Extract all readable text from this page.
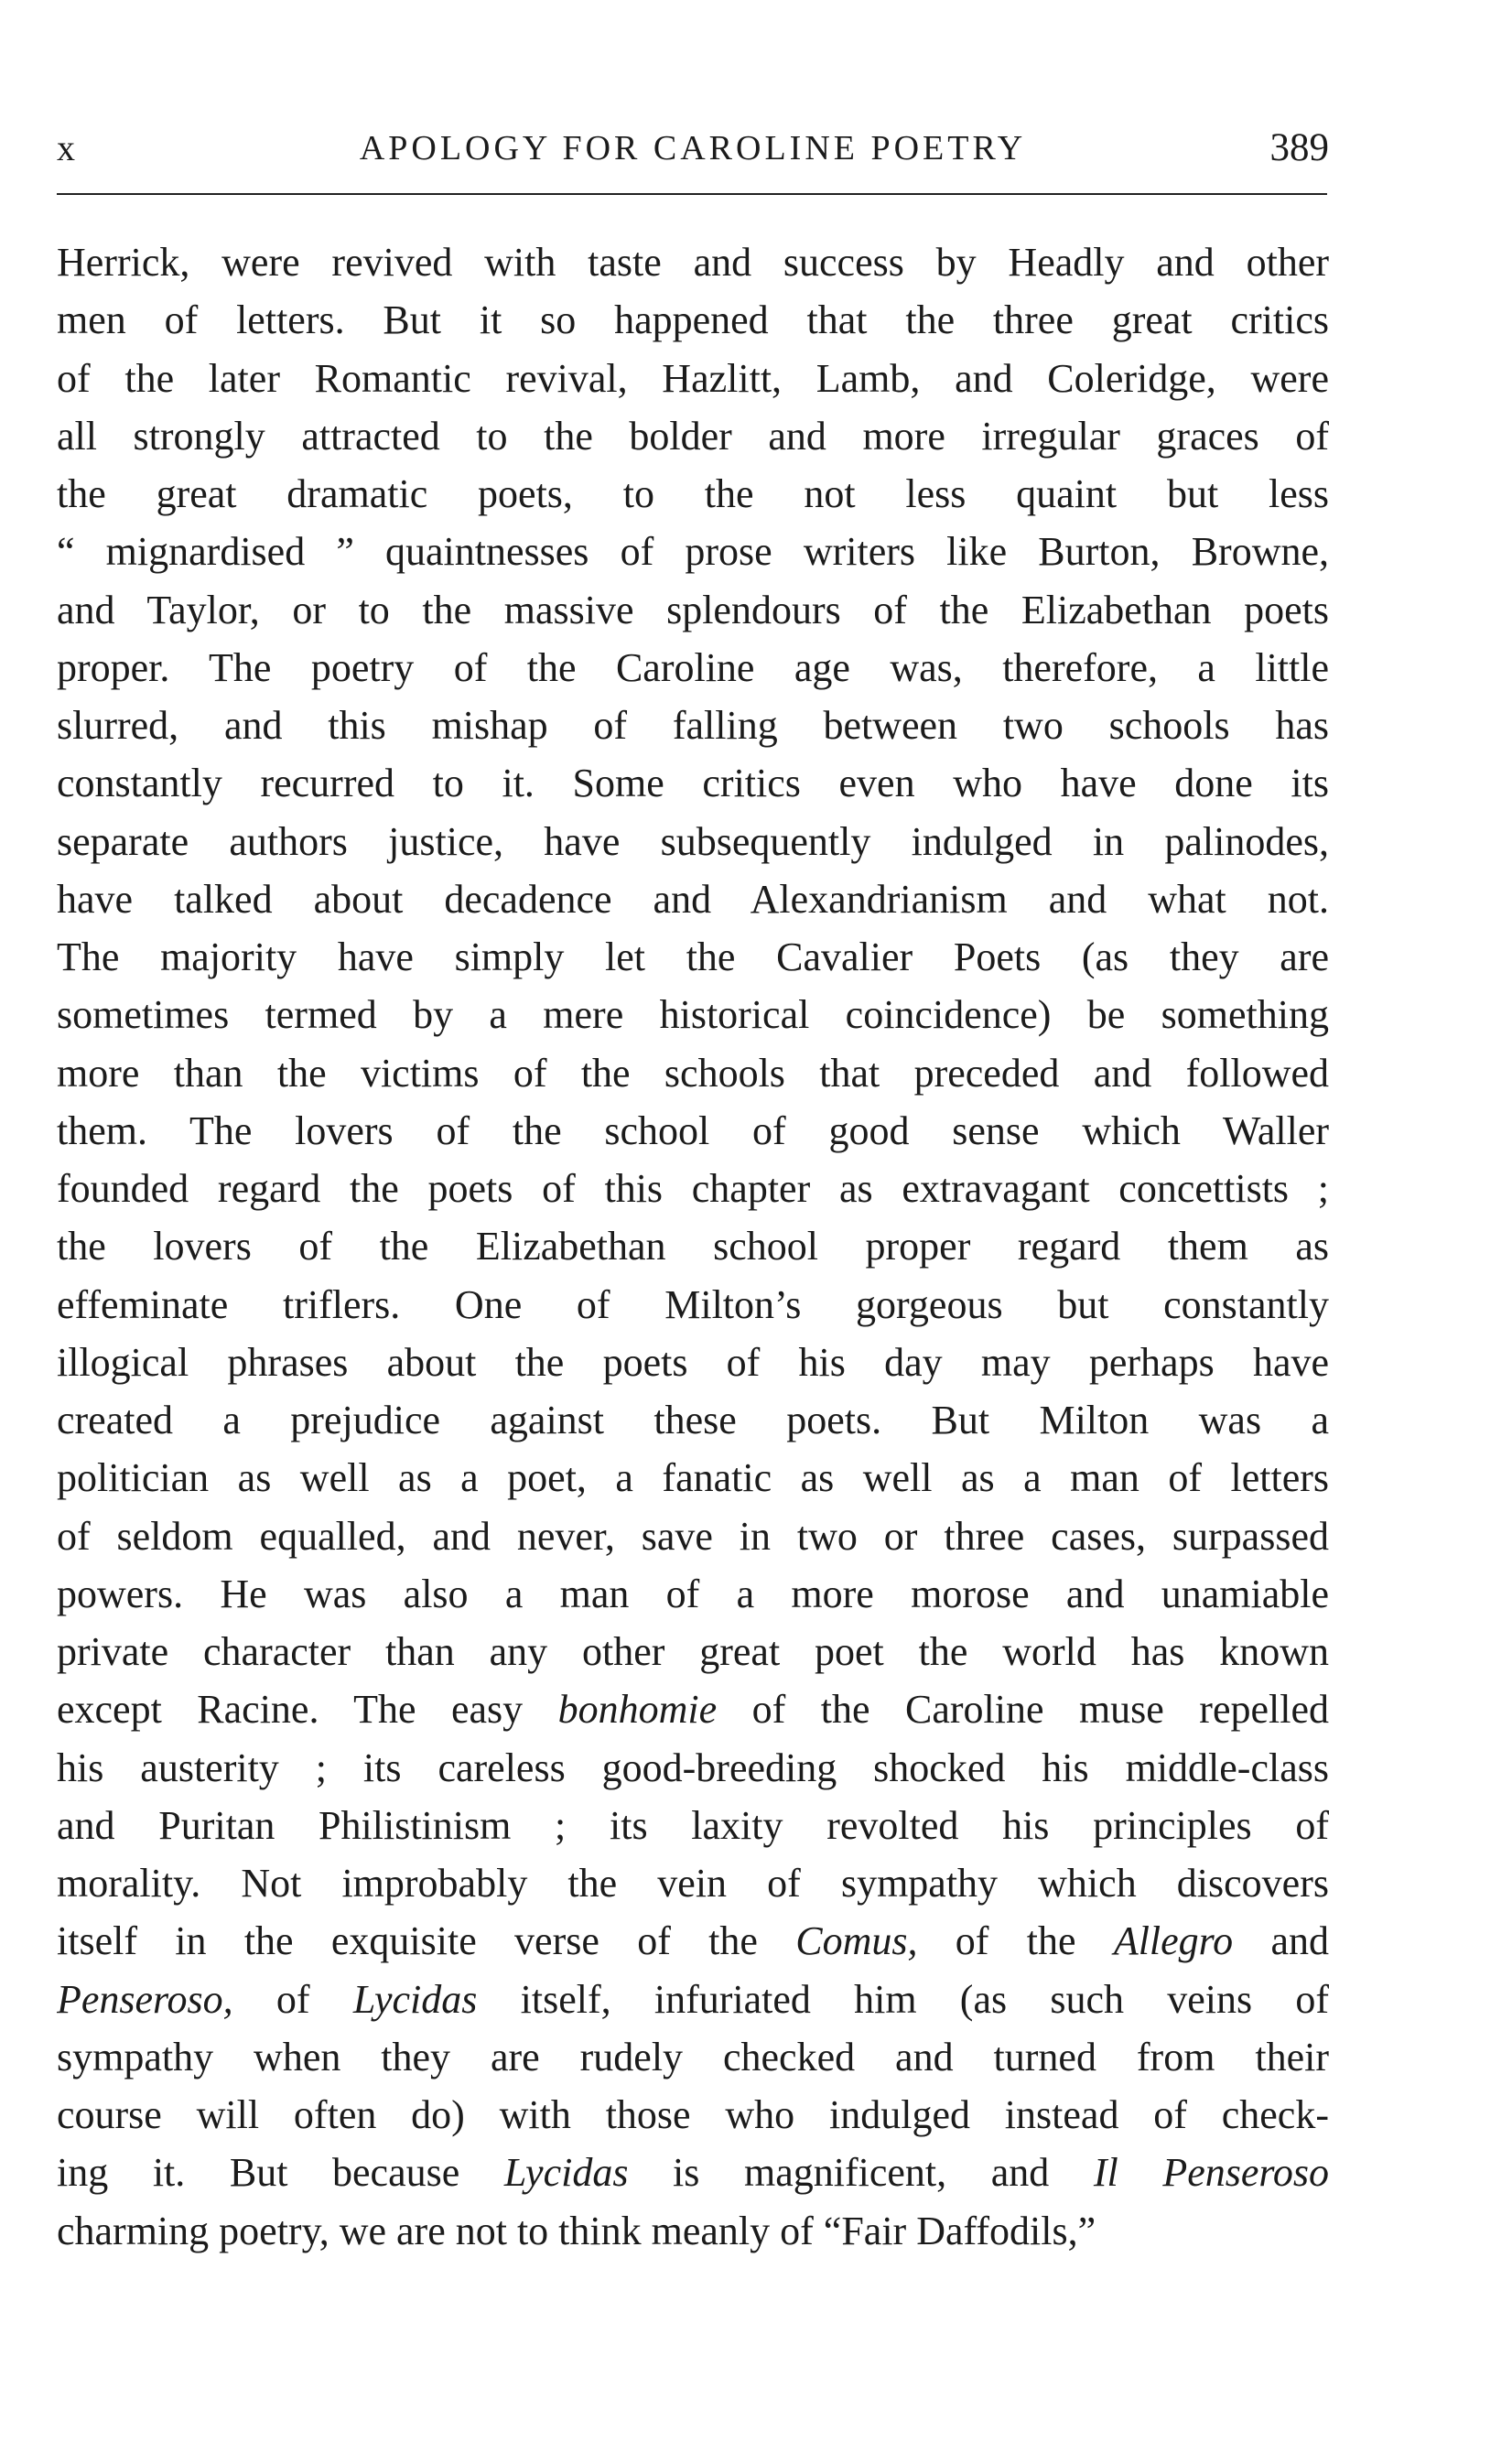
x	APOLOGY FOR CAROLINE POETRY	389
Herrick, were revived with taste and success by Headly and other
men of letters. But it so happened that the three great critics
of the later Romantic revival, Hazlitt, Lamb, and Coleridge, were
all strongly attracted to the bolder and more irregular graces of
the great dramatic poets, to the not less quaint but less
“ mignardised ” quaintnesses of prose writers like Burton, Browne,
and Taylor, or to the massive splendours of the Elizabethan poets
proper. The poetry of the Caroline age was, therefore, a little
slurred, and this mishap of falling between two schools has
constantly recurred to it. Some critics even who have done its
separate authors justice, have subsequently indulged in palinodes,
have talked about decadence and Alexandrianism and what not.
The majority have simply let the Cavalier Poets (as they are
sometimes termed by a mere historical coincidence) be something
more than the victims of the schools that preceded and followed
them. The lovers of the school of good sense which Waller
founded regard the poets of this chapter as extravagant concettists ;
the lovers of the Elizabethan school proper regard them as
effeminate triflers. One of Milton’s gorgeous but constantly
illogical phrases about the poets of his day may perhaps have
created a prejudice against these poets. But Milton was a
politician as well as a poet, a fanatic as well as a man of letters
of seldom equalled, and never, save in two or three cases, surpassed
powers. He was also a man of a more morose and unamiable
private character than any other great poet the world has known
except Racine. The easy bonhomie of the Caroline muse repelled
his austerity ; its careless good-breeding shocked his middle-class
and Puritan Philistinism ; its laxity revolted his principles of
morality. Not improbably the vein of sympathy which discovers
itself in the exquisite verse of the Comus, of the Allegro and
Penseroso, of Lycidas itself, infuriated him (as such veins of
sympathy when they are rudely checked and turned from their
course will often do) with those who indulged instead of check-
ing it. But because Lycidas is magnificent, and Il Penseroso
charming poetry, we are not to think meanly of “Fair Daffodils,”
